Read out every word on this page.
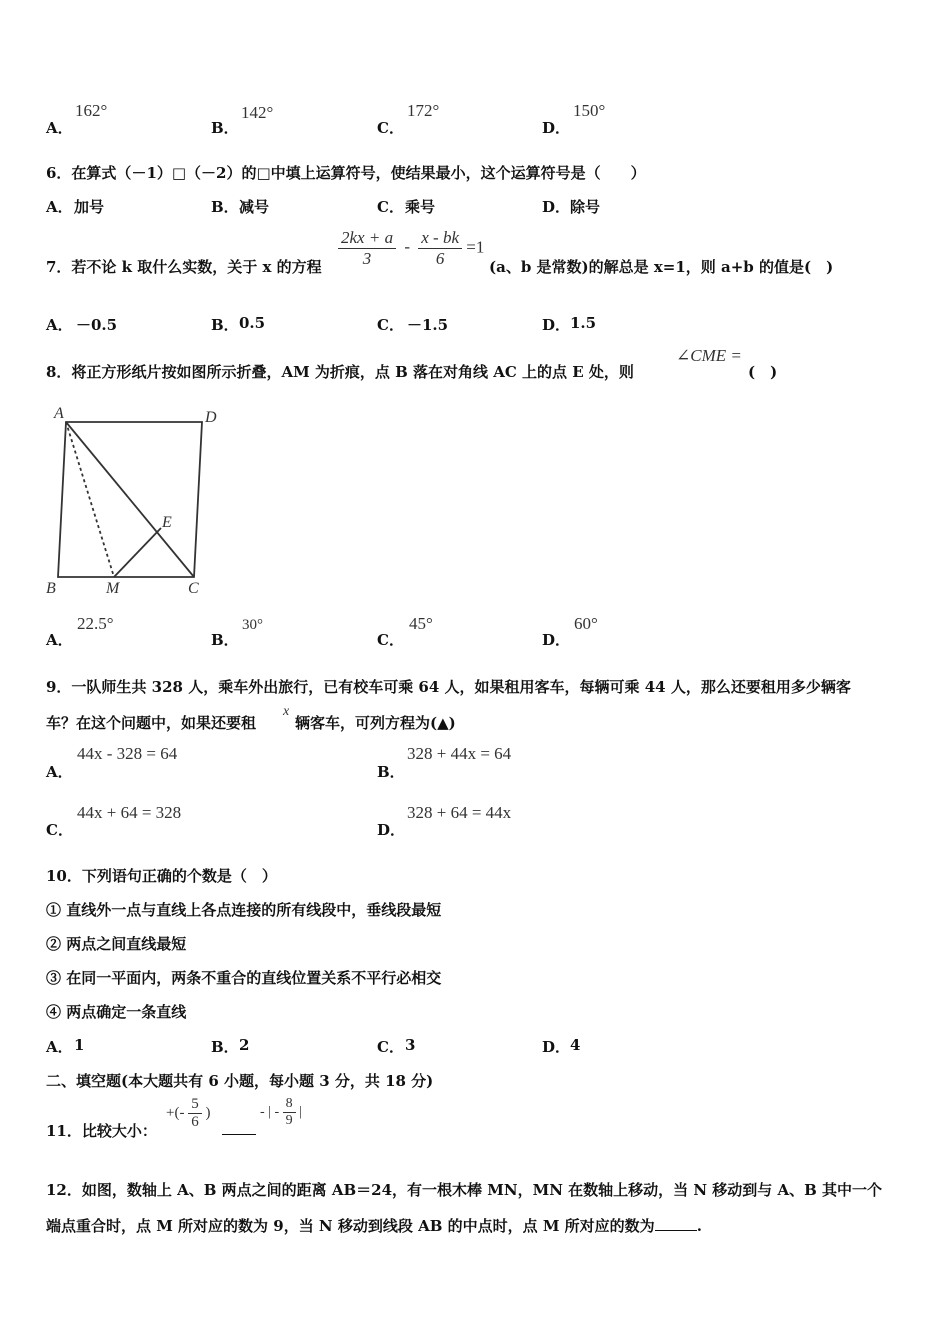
A．
162°
B．
142°
C．
172°
D．
150°
6．在算式（－1）□（－2）的□中填上运算符号，使结果最小，这个运算符号是（　　）
A． 加号	B． 减号	C． 乘号	D． 除号
7．若不论 k 取什么实数，关于 x 的方程 $\frac{2kx + a}{3} - \frac{x - bk}{6} =1$
(a、b 是常数)的解总是 x=1，则 a+b 的值是(　)
A． －0.5	B． 0.5	C． －1.5	D． 1.5
8．将正方形纸片按如图所示折叠，AM 为折痕，点 B 落在对角线 AC 上的点 E 处，则
∠CME =
(　)
A	D
B	M	C
E
A．
22.5°
B．
30°
C．
45°
D．
60°
9．一队师生共 328 人，乘车外出旅行，已有校车可乘 64 人，如果租用客车，每辆可乘 44 人，那么还要租用多少辆客
车？在这个问题中，如果还要租
x
辆客车，可列方程为(▲)
A．
44x - 328 = 64
B．
328 + 44x = 64
C．
44x + 64 = 328
D．
328 + 64 = 44x
10．下列语句正确的个数是（　）
① 直线外一点与直线上各点连接的所有线段中，垂线段最短
② 两点之间直线最短
③ 在同一平面内，两条不重合的直线位置关系不平行必相交
④ 两点确定一条直线
A． 1	B． 2	C． 3	D． 4
二、填空题(本大题共有 6 小题，每小题 3 分，共 18 分)
11．比较大小：
+(- $\frac{5}{6}$ )	- | - $\frac{8}{9}$ |
12．如图，数轴上 A、B 两点之间的距离 AB＝24，有一根木棒 MN，MN 在数轴上移动，当 N 移动到与 A、B 其中一个
端点重合时，点 M 所对应的数为 9，当 N 移动到线段 AB 的中点时，点 M 所对应的数为	.
